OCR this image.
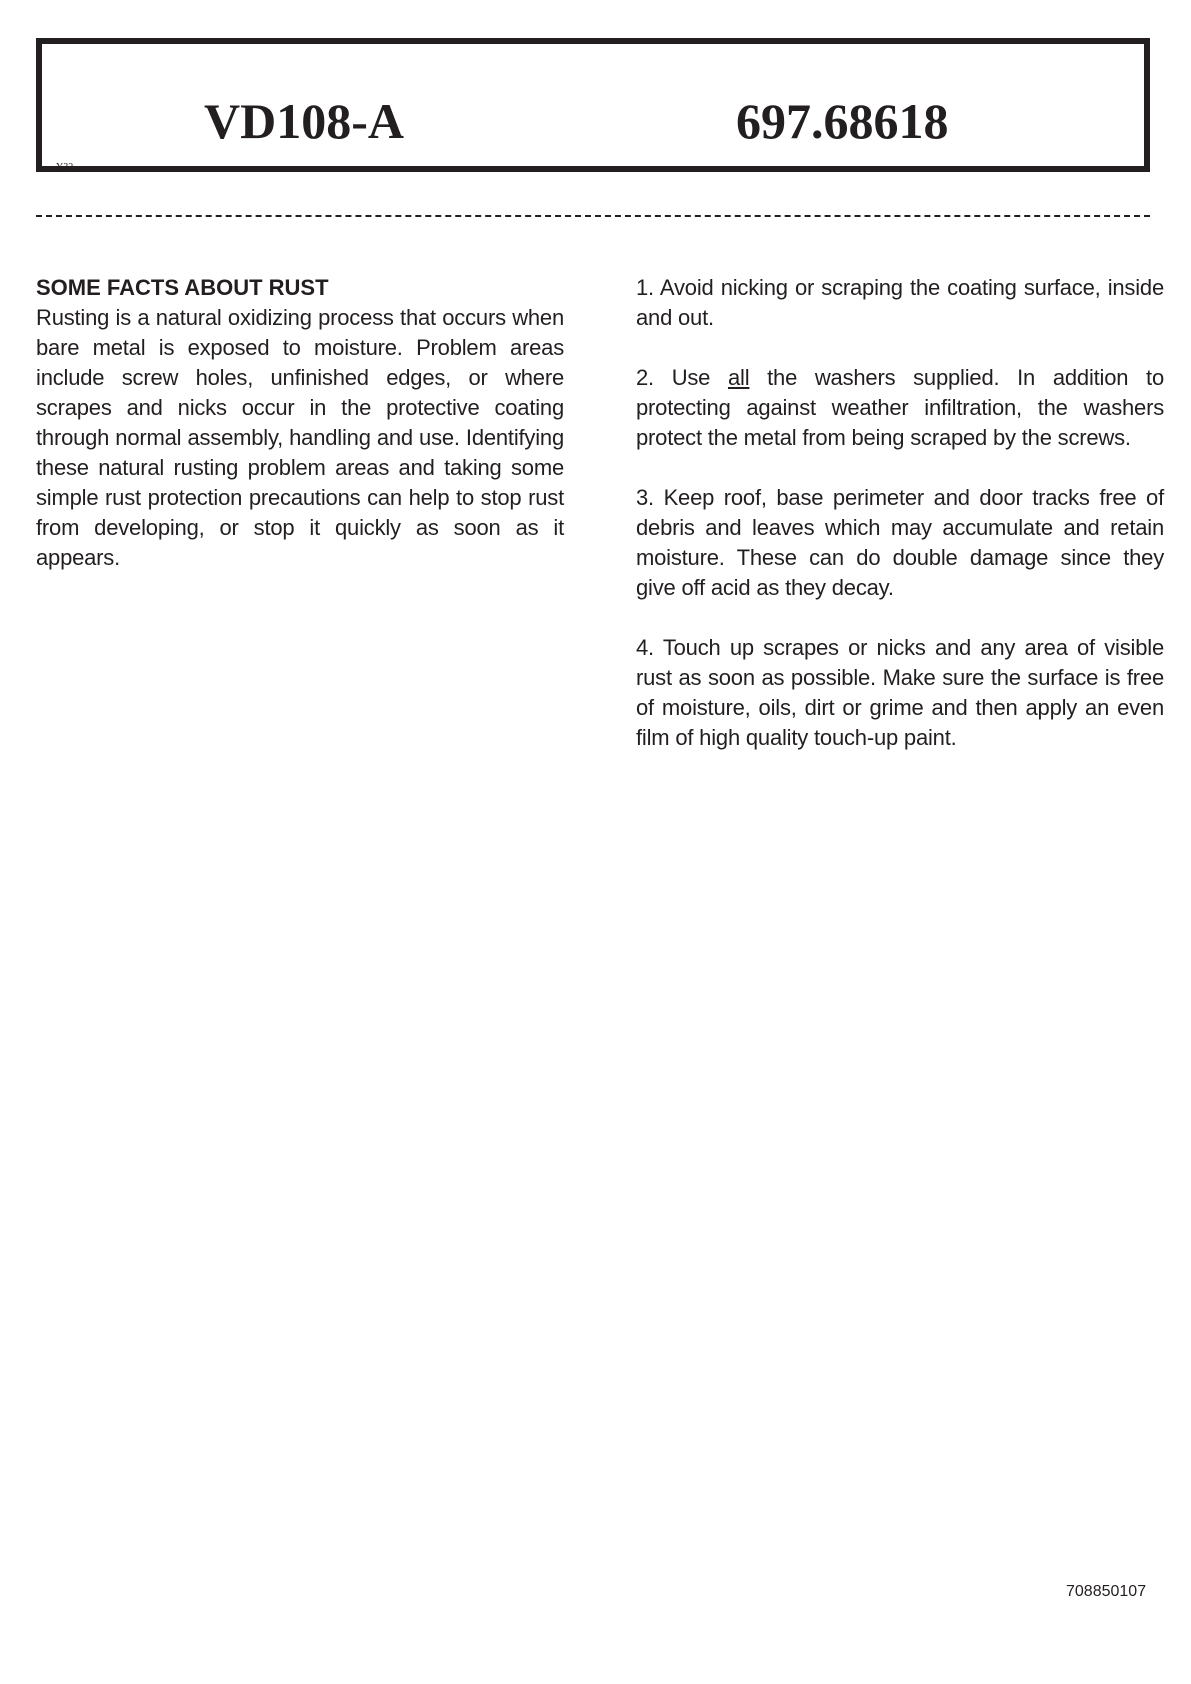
VD108-A	697.68618
Y32
SOME FACTS ABOUT RUST

Rusting is a natural oxidizing process that occurs when bare metal is exposed to moisture. Problem areas include screw holes, unfinished edges, or where scrapes and nicks occur in the protective coating through normal assembly, handling and use. Identifying these natural rusting problem areas and taking some simple rust protection precautions can help to stop rust from developing, or stop it quickly as soon as it appears.

1. Avoid nicking or scraping the coating surface, inside and out.

2. Use all the washers supplied. In addition to protecting against weather infiltration, the washers protect the metal from being scraped by the screws.

3. Keep roof, base perimeter and door tracks free of debris and leaves which may accumulate and retain moisture. These can do double damage since they give off acid as they decay.

4. Touch up scrapes or nicks and any area of visible rust as soon as possible. Make sure the surface is free of moisture, oils, dirt or grime and then apply an even film of high quality touch-up paint.

708850107
